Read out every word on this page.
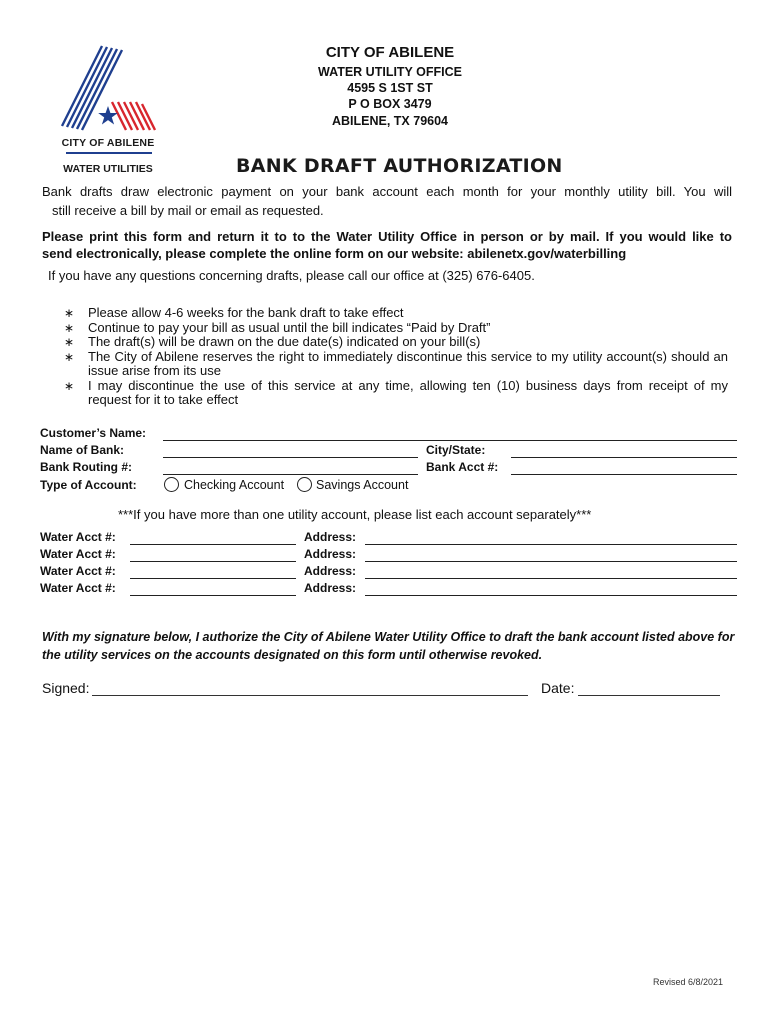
CITY OF ABILENE
WATER UTILITIES
CITY OF ABILENE
WATER UTILITY OFFICE
4595 S 1ST ST
P O BOX 3479
ABILENE, TX 79604
BANK DRAFT AUTHORIZATION
Bank drafts draw electronic payment on your bank account each month for your monthly utility bill. You will
still receive a bill by mail or email as requested.
Please print this form and return it to to the Water Utility Office in person or by mail. If you would like to
send electronically, please complete the online form on our website: abilenetx.gov/waterbilling
If you have any questions concerning drafts, please call our office at (325) 676-6405.
∗ Please allow 4-6 weeks for the bank draft to take effect
∗ Continue to pay your bill as usual until the bill indicates “Paid by Draft”
∗ The draft(s) will be drawn on the due date(s) indicated on your bill(s)
∗ The City of Abilene reserves the right to immediately discontinue this service to my utility account(s) should an issue arise from its use
∗ I may discontinue the use of this service at any time, allowing ten (10) business days from receipt of my request for it to take effect
Customer’s Name:
Name of Bank:	City/State:
Bank Routing #:	Bank Acct #:
Type of Account:	Checking Account	Savings Account
***If you have more than one utility account, please list each account separately***
Water Acct #:	Address:
Water Acct #:	Address:
Water Acct #:	Address:
Water Acct #:	Address:
With my signature below, I authorize the City of Abilene Water Utility Office to draft the bank account listed above for
the utility services on the accounts designated on this form until otherwise revoked.
Signed:	Date:
Revised 6/8/2021
